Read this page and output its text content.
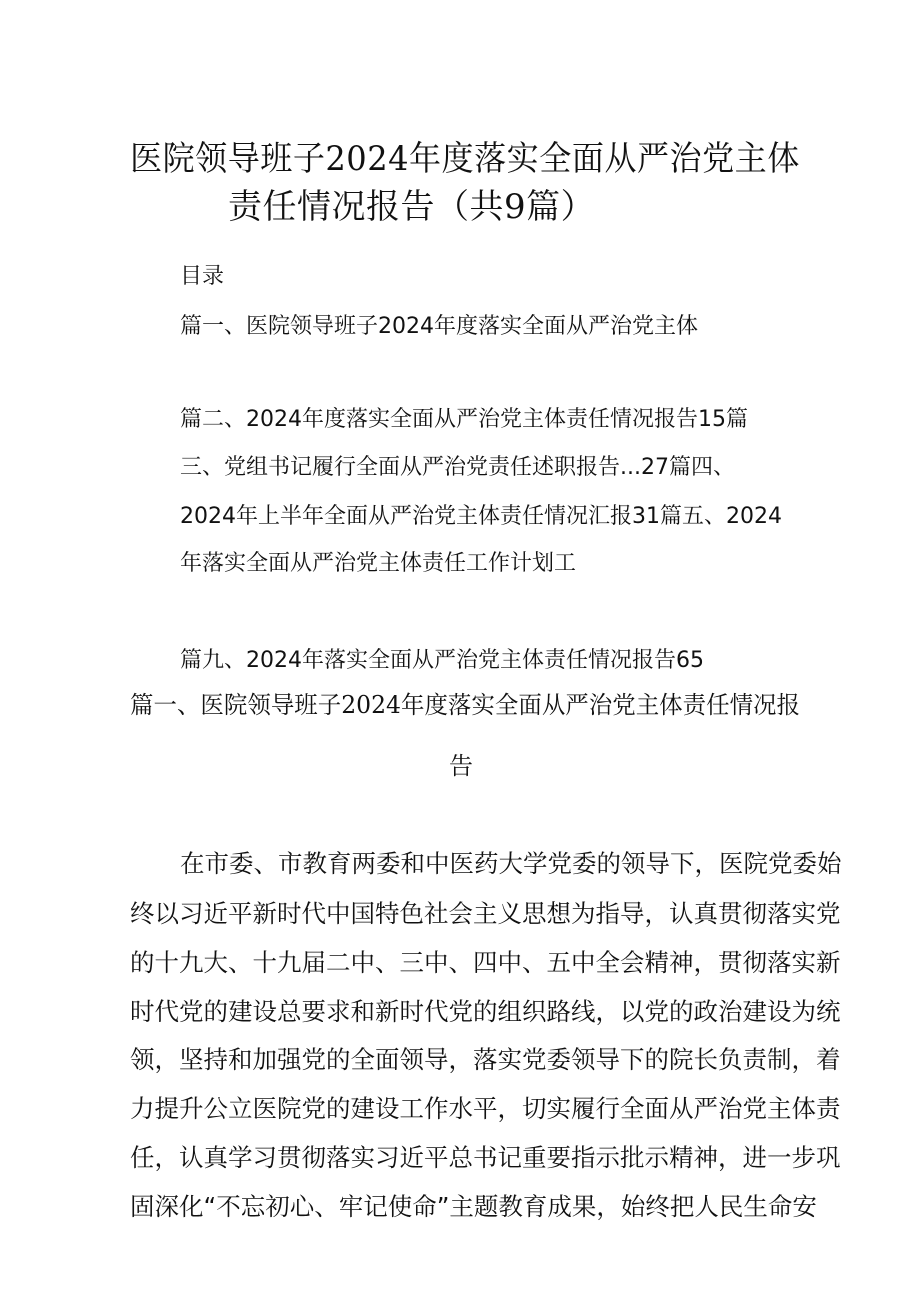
医院领导班子2024年度落实全面从严治党主体
责任情况报告（共9篇）
目录
篇一、医院领导班子2024年度落实全面从严治党主体
篇二、2024年度落实全面从严治党主体责任情况报告15篇
三、党组书记履行全面从严治党责任述职报告...27篇四、
2024年上半年全面从严治党主体责任情况汇报31篇五、2024
年落实全面从严治党主体责任工作计划工
篇九、2024年落实全面从严治党主体责任情况报告65
篇一、医院领导班子2024年度落实全面从严治党主体责任情况报
告
在市委、市教育两委和中医药大学党委的领导下，医院党委始
终以习近平新时代中国特色社会主义思想为指导，认真贯彻落实党
的十九大、十九届二中、三中、四中、五中全会精神，贯彻落实新
时代党的建设总要求和新时代党的组织路线，以党的政治建设为统
领，坚持和加强党的全面领导，落实党委领导下的院长负责制，着
力提升公立医院党的建设工作水平，切实履行全面从严治党主体责
任，认真学习贯彻落实习近平总书记重要指示批示精神，进一步巩
固深化“不忘初心、牢记使命”主题教育成果，始终把人民生命安
